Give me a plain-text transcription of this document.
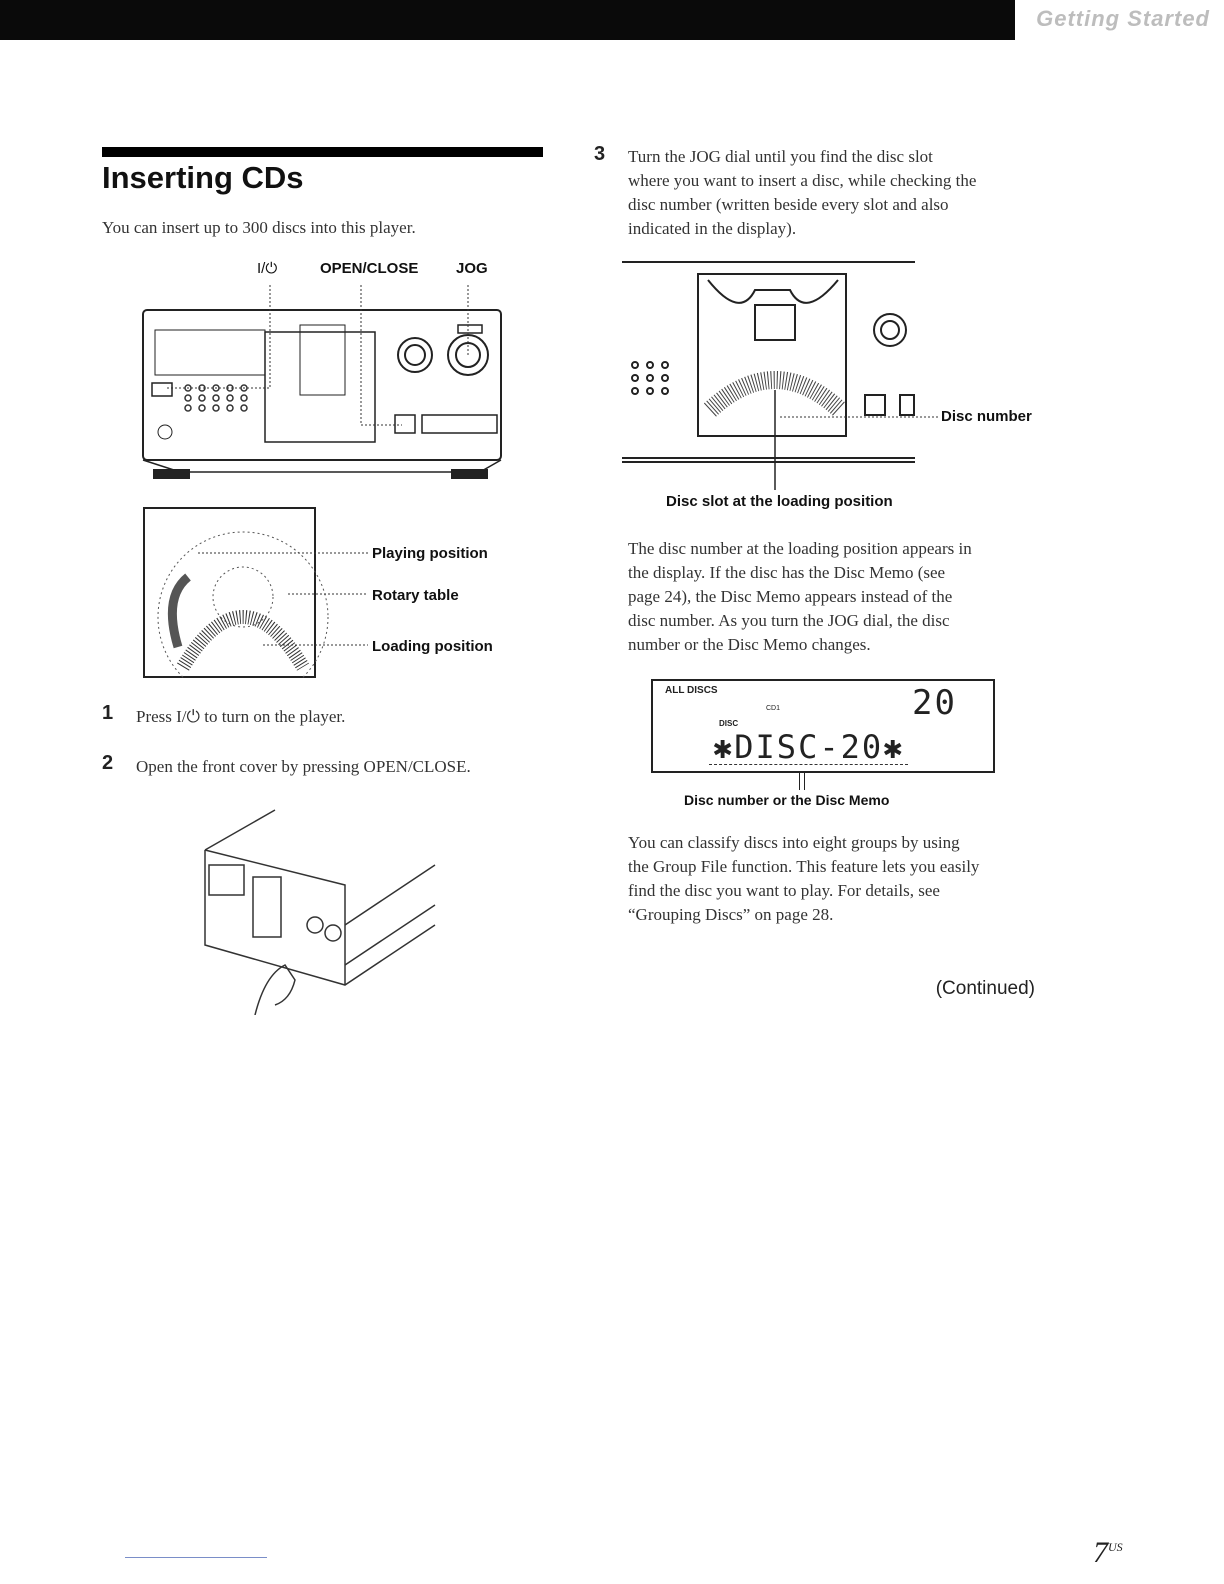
Getting Started
Inserting CDs
You can insert up to 300 discs into this player.
I/⏻	OPEN/CLOSE	JOG
Playing position
Rotary table
Loading position
1 Press I/⏻ to turn on the player.
2 Open the front cover by pressing OPEN/CLOSE.
3 Turn the JOG dial until you find the disc slot
where you want to insert a disc, while checking the
disc number (written beside every slot and also
indicated in the display).
Disc number
Disc slot at the loading position
The disc number at the loading position appears in
the display. If the disc has the Disc Memo (see
page 24), the Disc Memo appears instead of the
disc number. As you turn the JOG dial, the disc
number or the Disc Memo changes.
ALL DISCS
CD1	20
DISC
✱DISC-20✱
Disc number or the Disc Memo
You can classify discs into eight groups by using
the Group File function. This feature lets you easily
find the disc you want to play. For details, see
“Grouping Discs” on page 28.
(Continued)
$7^{US}$
